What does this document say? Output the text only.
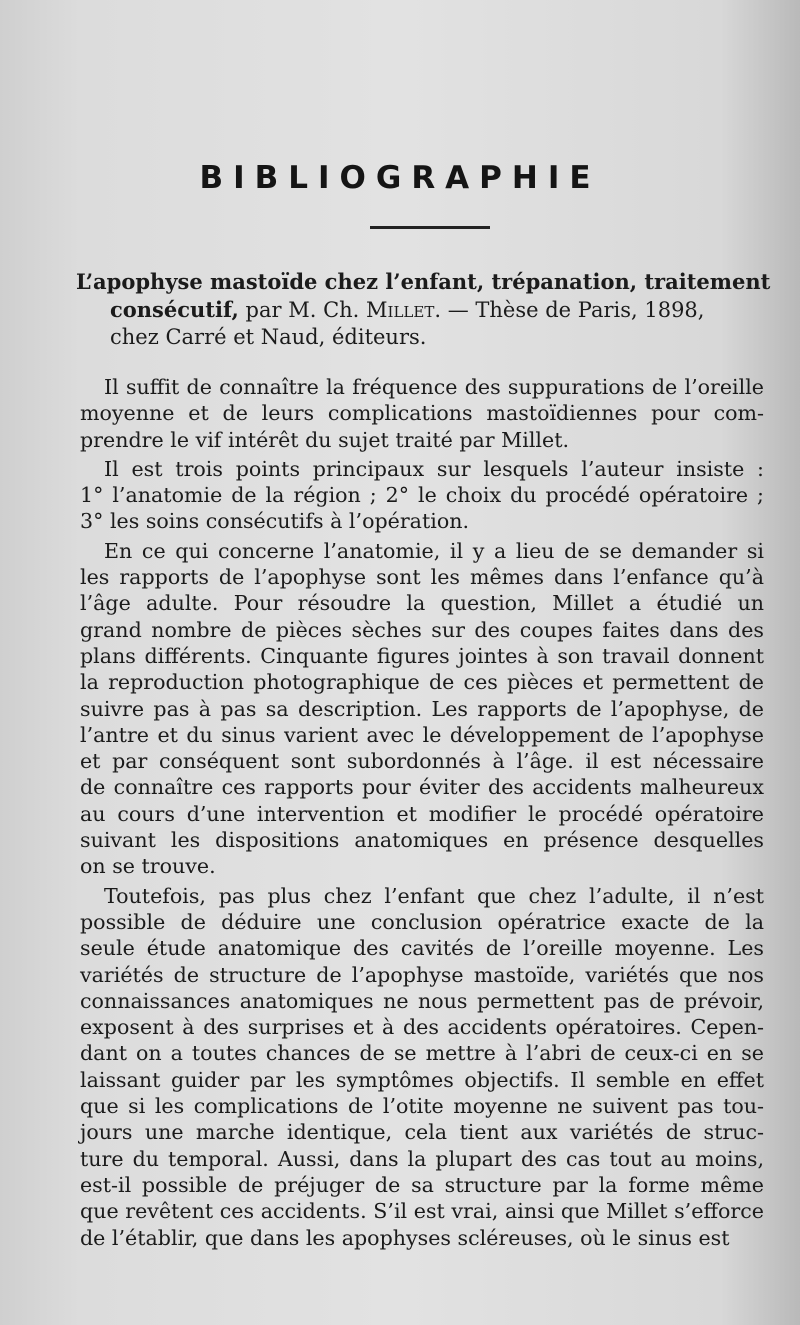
BIBLIOGRAPHIE
L’apophyse mastoïde chez l’enfant, trépanation, traitement
consécutif, par M. Ch. Millet. — Thèse de Paris, 1898,
chez Carré et Naud, éditeurs.

Il suffit de connaître la fréquence des suppurations de l’oreille
moyenne et de leurs complications mastoïdiennes pour com-
prendre le vif intérêt du sujet traité par Millet.

Il est trois points principaux sur lesquels l’auteur insiste :
1° l’anatomie de la région ; 2° le choix du procédé opératoire ;
3° les soins consécutifs à l’opération.

En ce qui concerne l’anatomie, il y a lieu de se demander si
les rapports de l’apophyse sont les mêmes dans l’enfance qu’à
l’âge adulte. Pour résoudre la question, Millet a étudié un
grand nombre de pièces sèches sur des coupes faites dans des
plans différents. Cinquante figures jointes à son travail donnent
la reproduction photographique de ces pièces et permettent de
suivre pas à pas sa description. Les rapports de l’apophyse, de
l’antre et du sinus varient avec le développement de l’apophyse
et par conséquent sont subordonnés à l’âge. il est nécessaire
de connaître ces rapports pour éviter des accidents malheureux
au cours d’une intervention et modifier le procédé opératoire
suivant les dispositions anatomiques en présence desquelles
on se trouve.

Toutefois, pas plus chez l’enfant que chez l’adulte, il n’est
possible de déduire une conclusion opératrice exacte de la
seule étude anatomique des cavités de l’oreille moyenne. Les
variétés de structure de l’apophyse mastoïde, variétés que nos
connaissances anatomiques ne nous permettent pas de prévoir,
exposent à des surprises et à des accidents opératoires. Cepen-
dant on a toutes chances de se mettre à l’abri de ceux-ci en se
laissant guider par les symptômes objectifs. Il semble en effet
que si les complications de l’otite moyenne ne suivent pas tou-
jours une marche identique, cela tient aux variétés de struc-
ture du temporal. Aussi, dans la plupart des cas tout au moins,
est-il possible de préjuger de sa structure par la forme même
que revêtent ces accidents. S’il est vrai, ainsi que Millet s’efforce
de l’établir, que dans les apophyses scléreuses, où le sinus est
